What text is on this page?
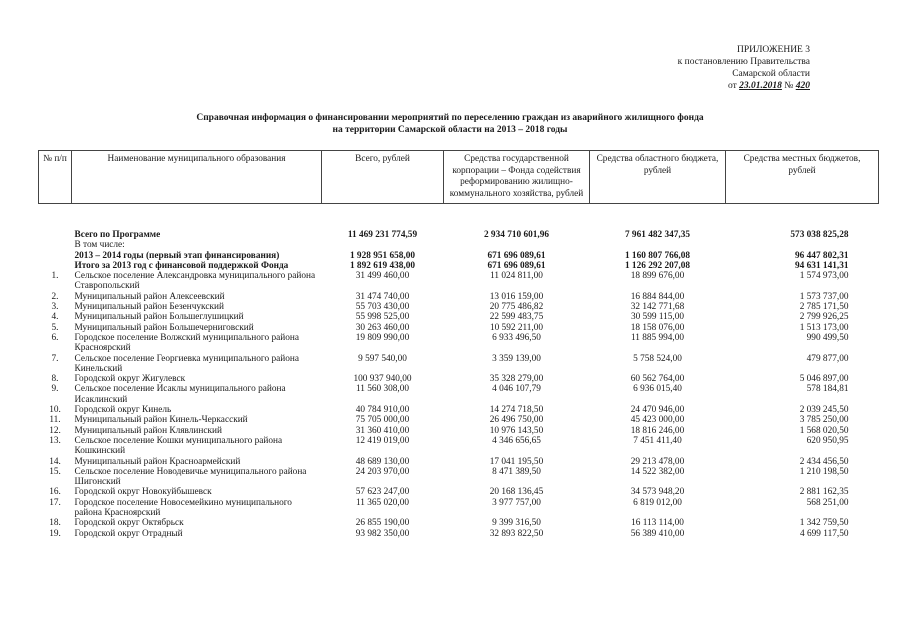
ПРИЛОЖЕНИЕ 3
к постановлению Правительства
Самарской области
от 23.01.2018 № 420
Справочная информация о финансировании мероприятий по переселению граждан из аварийного жилищного фонда
на территории Самарской области на 2013 – 2018 годы
№ п/п	Наименование муниципального образования	Всего, рублей	Средства государственной корпорации – Фонда содействия реформированию жилищно-коммунального хозяйства, рублей	Средства областного бюджета, рублей	Средства местных бюджетов, рублей

	Всего по Программе	11 469 231 774,59	2 934 710 601,96	7 961 482 347,35	573 038 825,28
	В том числе:				
	2013 – 2014 годы (первый этап финансирования)	1 928 951 658,00	671 696 089,61	1 160 807 766,08	96 447 802,31
	Итого за 2013 год с финансовой поддержкой Фонда	1 892 619 438,00	671 696 089,61	1 126 292 207,08	94 631 141,31
1.	Сельское поселение Александровка муниципального района Ставропольский	31 499 460,00	11 024 811,00	18 899 676,00	1 574 973,00
2.	Муниципальный район Алексеевский	31 474 740,00	13 016 159,00	16 884 844,00	1 573 737,00
3.	Муниципальный район Безенчукский	55 703 430,00	20 775 486,82	32 142 771,68	2 785 171,50
4.	Муниципальный район Большеглушицкий	55 998 525,00	22 599 483,75	30 599 115,00	2 799 926,25
5.	Муниципальный район Большечерниговский	30 263 460,00	10 592 211,00	18 158 076,00	1 513 173,00
6.	Городское поселение Волжский муниципального района Красноярский	19 809 990,00	6 933 496,50	11 885 994,00	990 499,50
7.	Сельское поселение Георгиевка муниципального района Кинельский	9 597 540,00	3 359 139,00	5 758 524,00	479 877,00
8.	Городской округ Жигулевск	100 937 940,00	35 328 279,00	60 562 764,00	5 046 897,00
9.	Сельское поселение Исаклы муниципального района Исаклинский	11 560 308,00	4 046 107,79	6 936 015,40	578 184,81
10.	Городской округ Кинель	40 784 910,00	14 274 718,50	24 470 946,00	2 039 245,50
11.	Муниципальный район Кинель-Черкасский	75 705 000,00	26 496 750,00	45 423 000,00	3 785 250,00
12.	Муниципальный район Клявлинский	31 360 410,00	10 976 143,50	18 816 246,00	1 568 020,50
13.	Сельское поселение Кошки муниципального района Кошкинский	12 419 019,00	4 346 656,65	7 451 411,40	620 950,95
14.	Муниципальный район Красноармейский	48 689 130,00	17 041 195,50	29 213 478,00	2 434 456,50
15.	Сельское поселение Новодевичье муниципального района Шигонский	24 203 970,00	8 471 389,50	14 522 382,00	1 210 198,50
16.	Городской округ Новокуйбышевск	57 623 247,00	20 168 136,45	34 573 948,20	2 881 162,35
17.	Городское поселение Новосемейкино муниципального района Красноярский	11 365 020,00	3 977 757,00	6 819 012,00	568 251,00
18.	Городской округ Октябрьск	26 855 190,00	9 399 316,50	16 113 114,00	1 342 759,50
19.	Городской округ Отрадный	93 982 350,00	32 893 822,50	56 389 410,00	4 699 117,50
